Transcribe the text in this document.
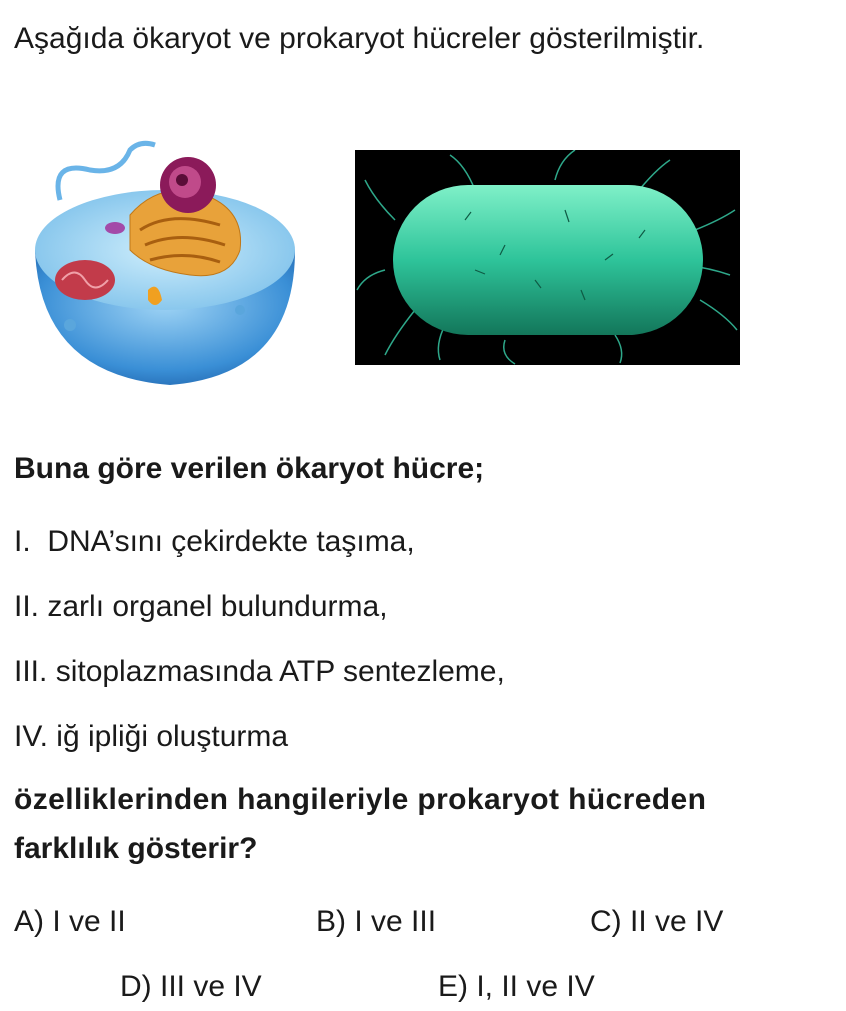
Aşağıda ökaryot ve prokaryot hücreler gösterilmiştir.
Buna göre verilen ökaryot hücre;
I. DNA’sını çekirdekte taşıma,
II. zarlı organel bulundurma,
III. sitoplazmasında ATP sentezleme,
IV. iğ ipliği oluşturma
özelliklerinden hangileriyle prokaryot hücreden
farklılık gösterir?
A) I ve II	B) I ve III	C) II ve IV
D) III ve IV	E) I, II ve IV
